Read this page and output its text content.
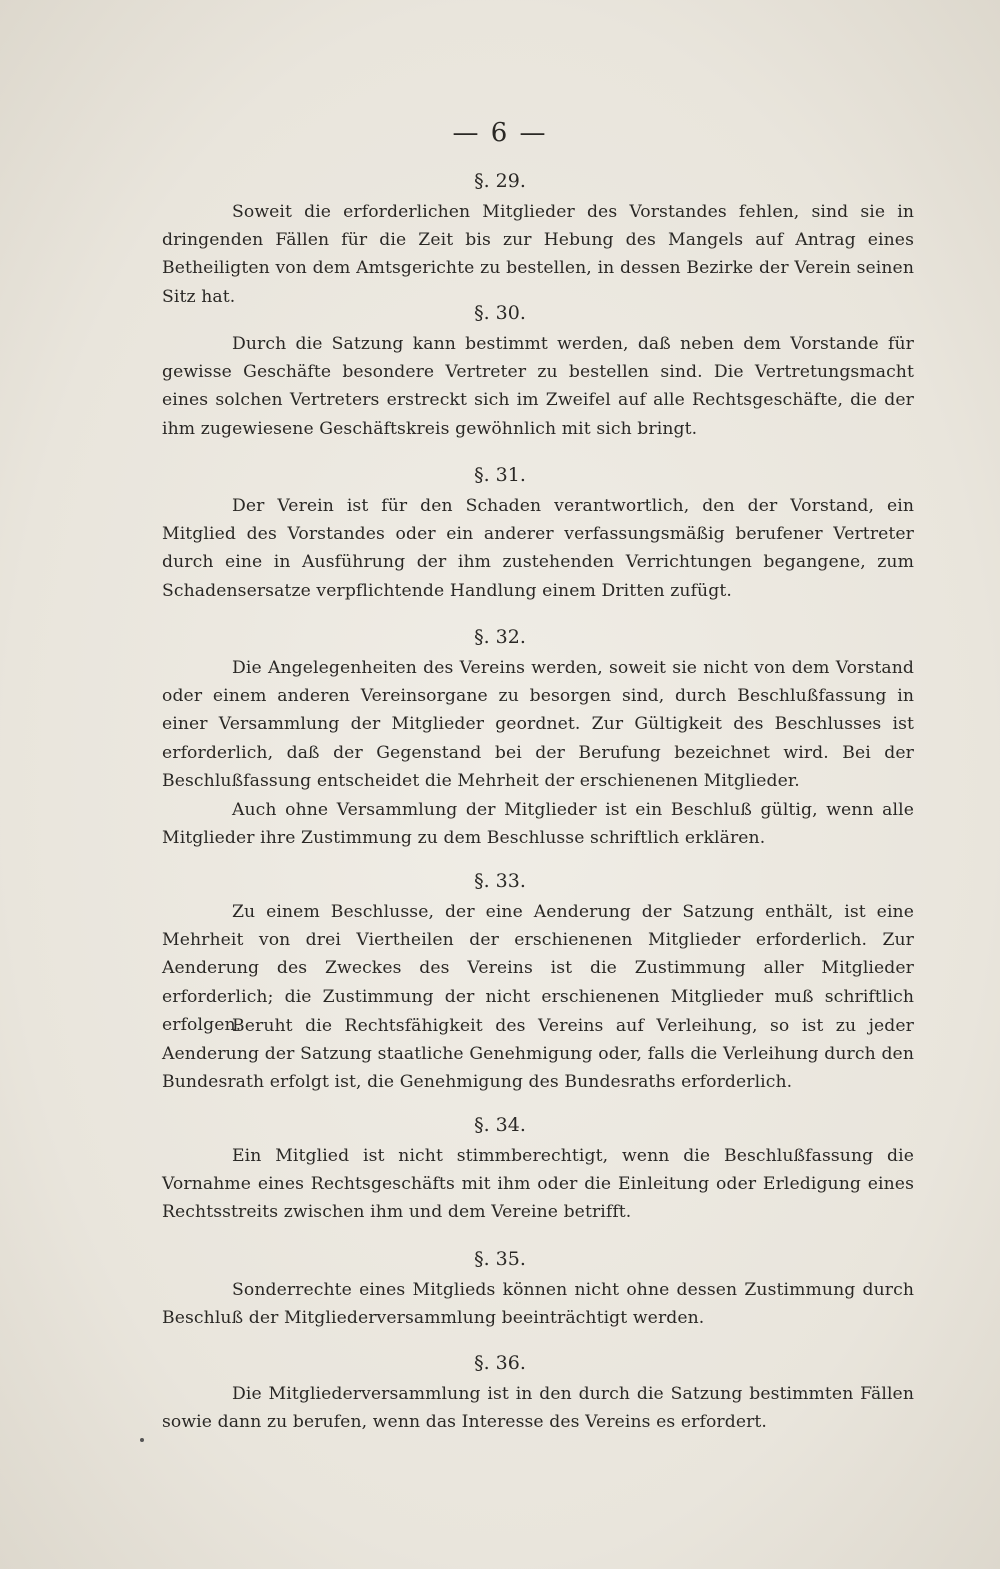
— 6 —
§. 29.
Soweit die erforderlichen Mitglieder des Vorstandes fehlen, sind sie in dringenden Fällen für die Zeit bis zur Hebung des Mangels auf Antrag eines Betheiligten von dem Amtsgerichte zu bestellen, in dessen Bezirke der Verein seinen Sitz hat.
§. 30.
Durch die Satzung kann bestimmt werden, daß neben dem Vorstande für gewisse Geschäfte besondere Vertreter zu bestellen sind. Die Vertretungsmacht eines solchen Vertreters erstreckt sich im Zweifel auf alle Rechtsgeschäfte, die der ihm zugewiesene Geschäftskreis gewöhnlich mit sich bringt.
§. 31.
Der Verein ist für den Schaden verantwortlich, den der Vorstand, ein Mitglied des Vorstandes oder ein anderer verfassungsmäßig berufener Vertreter durch eine in Ausführung der ihm zustehenden Verrichtungen begangene, zum Schadensersatze verpflichtende Handlung einem Dritten zufügt.
§. 32.
Die Angelegenheiten des Vereins werden, soweit sie nicht von dem Vorstand oder einem anderen Vereinsorgane zu besorgen sind, durch Beschlußfassung in einer Versammlung der Mitglieder geordnet. Zur Gültigkeit des Beschlusses ist erforderlich, daß der Gegenstand bei der Berufung bezeichnet wird. Bei der Beschlußfassung entscheidet die Mehrheit der erschienenen Mitglieder.
Auch ohne Versammlung der Mitglieder ist ein Beschluß gültig, wenn alle Mitglieder ihre Zustimmung zu dem Beschlusse schriftlich erklären.
§. 33.
Zu einem Beschlusse, der eine Aenderung der Satzung enthält, ist eine Mehrheit von drei Viertheilen der erschienenen Mitglieder erforderlich. Zur Aenderung des Zweckes des Vereins ist die Zustimmung aller Mitglieder erforderlich; die Zustimmung der nicht erschienenen Mitglieder muß schriftlich erfolgen.
Beruht die Rechtsfähigkeit des Vereins auf Verleihung, so ist zu jeder Aenderung der Satzung staatliche Genehmigung oder, falls die Verleihung durch den Bundesrath erfolgt ist, die Genehmigung des Bundesraths erforderlich.
§. 34.
Ein Mitglied ist nicht stimmberechtigt, wenn die Beschlußfassung die Vornahme eines Rechtsgeschäfts mit ihm oder die Einleitung oder Erledigung eines Rechtsstreits zwischen ihm und dem Vereine betrifft.
§. 35.
Sonderrechte eines Mitglieds können nicht ohne dessen Zustimmung durch Beschluß der Mitgliederversammlung beeinträchtigt werden.
§. 36.
Die Mitgliederversammlung ist in den durch die Satzung bestimmten Fällen sowie dann zu berufen, wenn das Interesse des Vereins es erfordert.
